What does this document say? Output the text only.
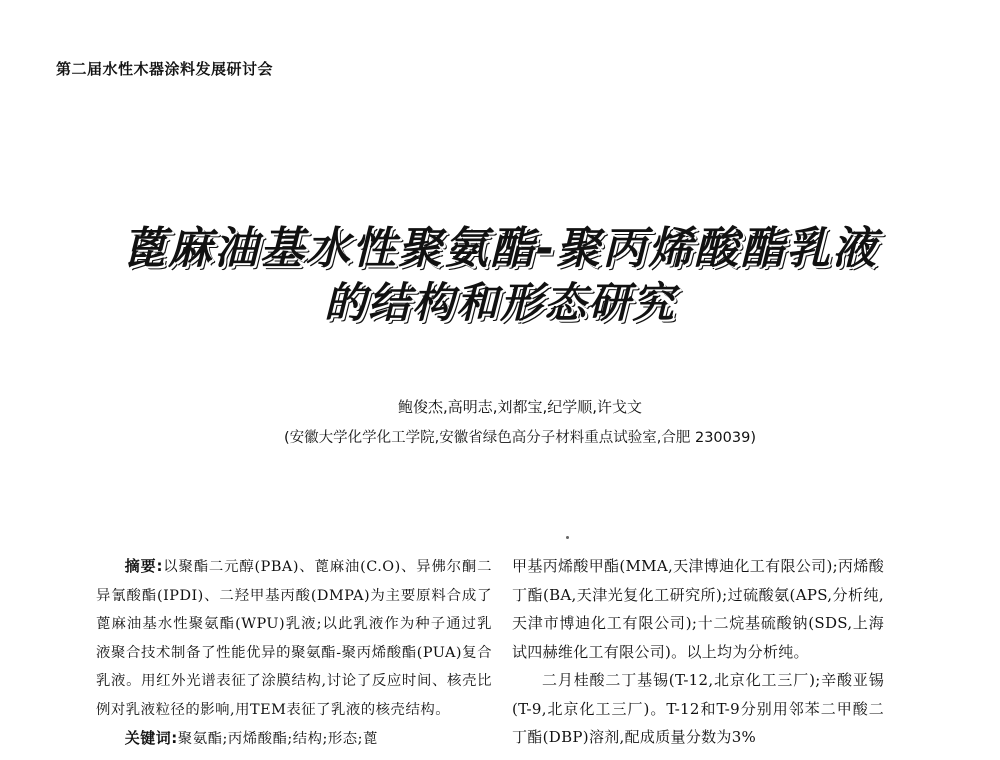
第二届水性木器涂料发展研讨会
蓖麻油基水性聚氨酯-聚丙烯酸酯乳液
的结构和形态研究
鲍俊杰,高明志,刘都宝,纪学顺,许戈文
(安徽大学化学化工学院,安徽省绿色高分子材料重点试验室,合肥 230039)

摘要:以聚酯二元醇(PBA)、蓖麻油(C.O)、异佛尔酮二异氰酸酯(IPDI)、二羟甲基丙酸(DMPA)为主要原料合成了蓖麻油基水性聚氨酯(WPU)乳液;以此乳液作为种子通过乳液聚合技术制备了性能优异的聚氨酯-聚丙烯酸酯(PUA)复合乳液。用红外光谱表征了涂膜结构,讨论了反应时间、核壳比例对乳液粒径的影响,用TEM表征了乳液的核壳结构。

关键词:聚氨酯;丙烯酸酯;结构;形态;蓖

甲基丙烯酸甲酯(MMA,天津博迪化工有限公司);丙烯酸丁酯(BA,天津光复化工研究所);过硫酸氨(APS,分析纯,天津市博迪化工有限公司);十二烷基硫酸钠(SDS,上海试四赫维化工有限公司)。以上均为分析纯。

二月桂酸二丁基锡(T-12,北京化工三厂);辛酸亚锡(T-9,北京化工三厂)。T-12和T-9分别用邻苯二甲酸二丁酯(DBP)溶剂,配成质量分数为3%
